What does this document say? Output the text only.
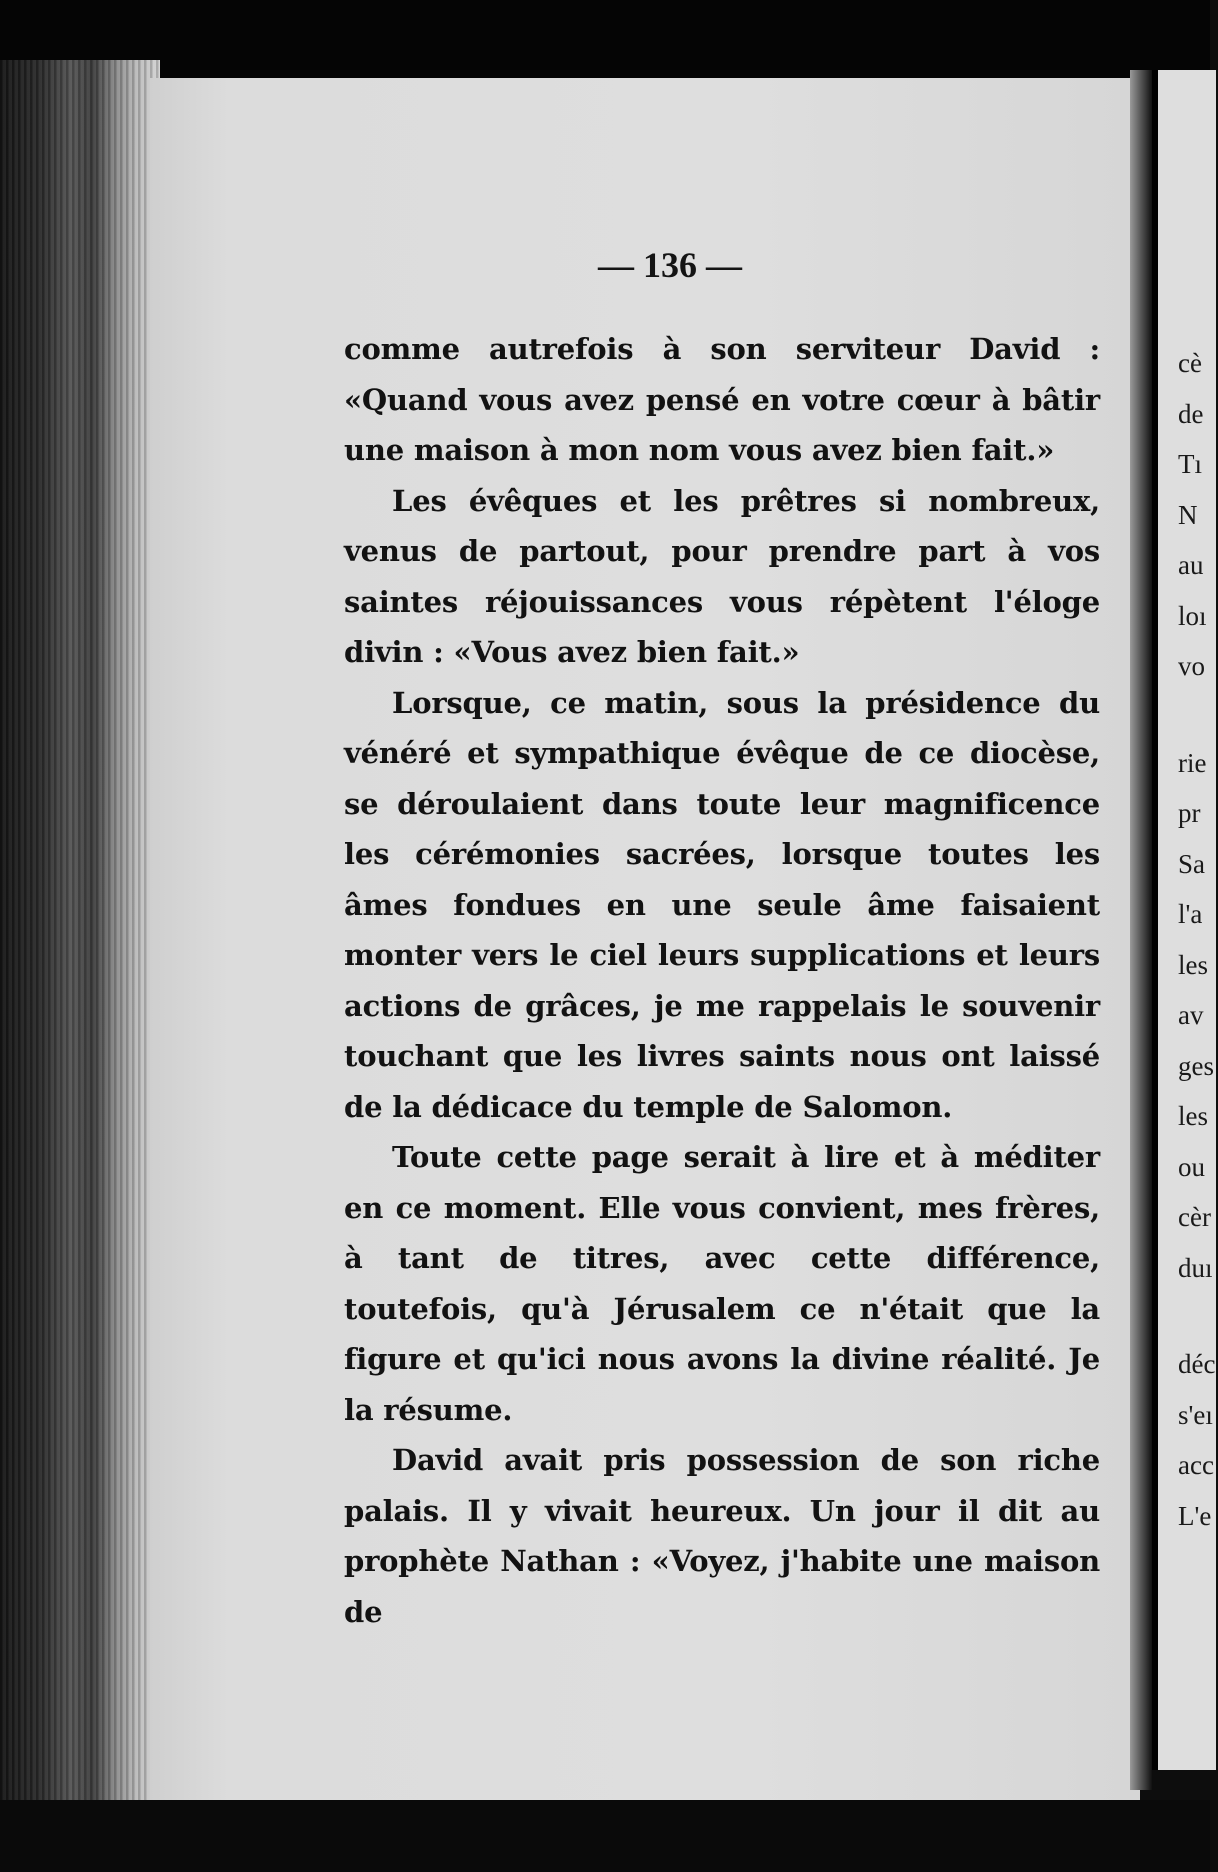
cè
de
Tı
N
au
loı
vo
rie
pr
Sa
l'a
les
av
ges
les
ou
cèr
duı
déc
s'eı
acc
L'e
— 136 —

comme autrefois à son serviteur David : «Quand vous avez pensé en votre cœur à bâtir une maison à mon nom vous avez bien fait.»

Les évêques et les prêtres si nombreux, venus de partout, pour prendre part à vos saintes réjouissances vous répètent l'éloge divin : «Vous avez bien fait.»

Lorsque, ce matin, sous la présidence du vénéré et sympathique évêque de ce diocèse, se déroulaient dans toute leur magnificence les cérémonies sacrées, lorsque toutes les âmes fondues en une seule âme faisaient monter vers le ciel leurs supplications et leurs actions de grâces, je me rappelais le souvenir touchant que les livres saints nous ont laissé de la dédicace du temple de Salomon.

Toute cette page serait à lire et à méditer en ce moment. Elle vous convient, mes frères, à tant de titres, avec cette différence, toutefois, qu'à Jérusalem ce n'était que la figure et qu'ici nous avons la divine réalité. Je la résume.

David avait pris possession de son riche palais. Il y vivait heureux. Un jour il dit au prophète Nathan : «Voyez, j'habite une maison de
